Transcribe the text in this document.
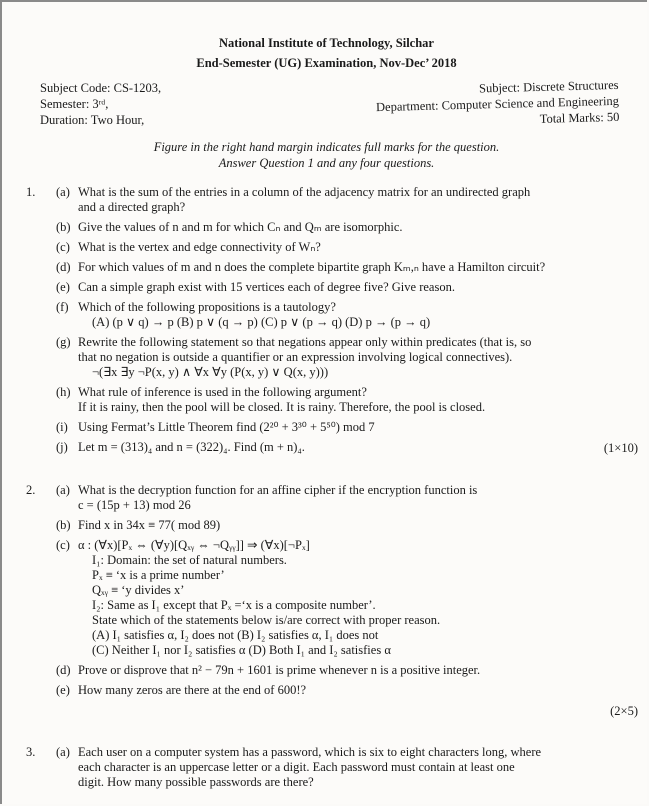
National Institute of Technology, Silchar
End-Semester (UG) Examination, Nov-Dec’ 2018
Subject Code: CS-1203,
Semester: 3ʳᵈ,
Duration: Two Hour,
Subject: Discrete Structures
Department: Computer Science and Engineering
Total Marks: 50
Figure in the right hand margin indicates full marks for the question.
Answer Question 1 and any four questions.
1. (a) What is the sum of the entries in a column of the adjacency matrix for an undirected graph
and a directed graph?
(b) Give the values of n and m for which Cₙ and Qₘ are isomorphic.
(c) What is the vertex and edge connectivity of Wₙ?
(d) For which values of m and n does the complete bipartite graph Kₘ,ₙ have a Hamilton circuit?
(e) Can a simple graph exist with 15 vertices each of degree five? Give reason.
(f) Which of the following propositions is a tautology?
(A) (p ∨ q) → p (B) p ∨ (q → p) (C) p ∨ (p → q) (D) p → (p → q)
(g) Rewrite the following statement so that negations appear only within predicates (that is, so
that no negation is outside a quantifier or an expression involving logical connectives).
¬(∃x ∃y ¬P(x, y) ∧ ∀x ∀y (P(x, y) ∨ Q(x, y)))
(h) What rule of inference is used in the following argument?
If it is rainy, then the pool will be closed. It is rainy. Therefore, the pool is closed.
(i) Using Fermat’s Little Theorem find (2²⁰ + 3³⁰ + 5⁵⁰) mod 7
(j) Let m = (313)₄ and n = (322)₄. Find (m + n)₄.	(1×10)
2. (a) What is the decryption function for an affine cipher if the encryption function is
c = (15p + 13) mod 26
(b) Find x in 34x ≡ 77( mod 89)
(c) α : (∀x)[Pₓ ⇔ (∀y)[Qₓᵧ ⇔ ¬Qᵧᵧ]] ⇒ (∀x)[¬Pₓ]
I₁: Domain: the set of natural numbers.
Pₓ ≡ ‘x is a prime number’
Qₓᵧ ≡ ‘y divides x’
I₂: Same as I₁ except that Pₓ =‘x is a composite number’.
State which of the statements below is/are correct with proper reason.
(A) I₁ satisfies α, I₂ does not (B) I₂ satisfies α, I₁ does not
(C) Neither I₁ nor I₂ satisfies α (D) Both I₁ and I₂ satisfies α
(d) Prove or disprove that n² − 79n + 1601 is prime whenever n is a positive integer.
(e) How many zeros are there at the end of 600!?
(2×5)
3. (a) Each user on a computer system has a password, which is six to eight characters long, where
each character is an uppercase letter or a digit. Each password must contain at least one
digit. How many possible passwords are there?
